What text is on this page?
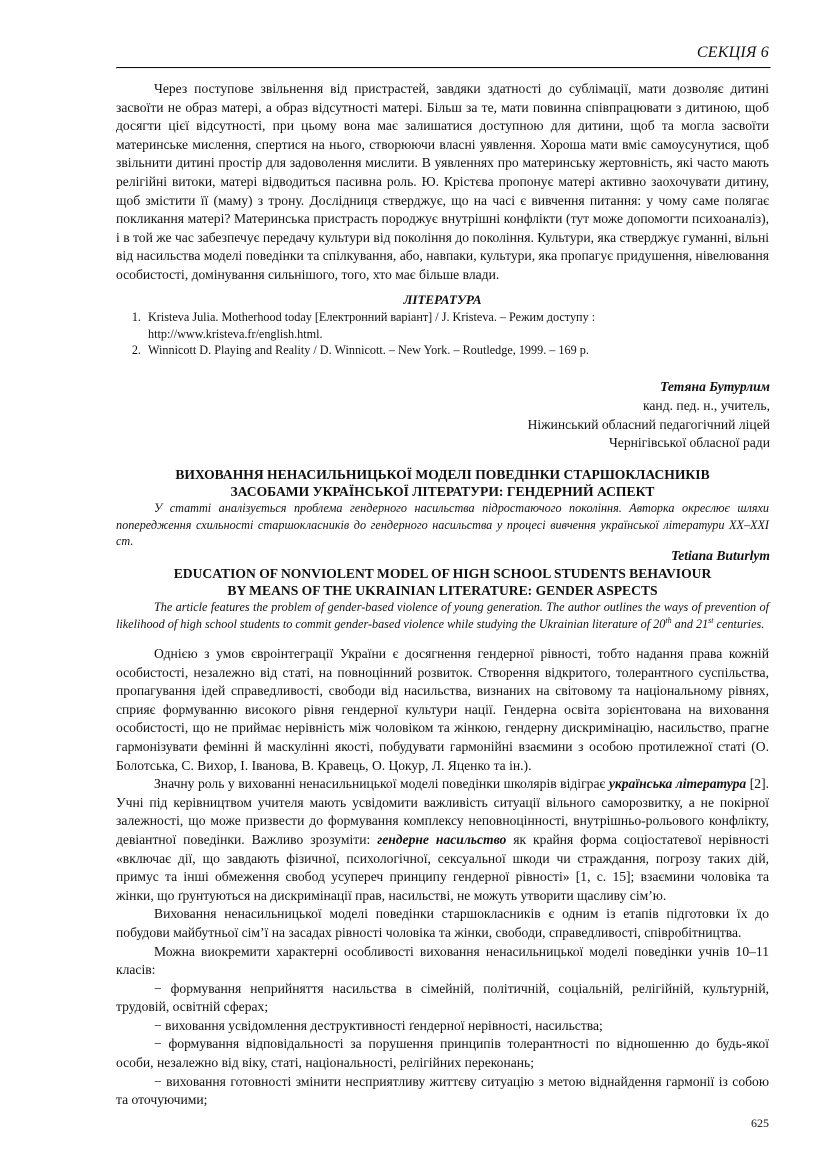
СЕКЦІЯ 6

Через поступове звільнення від пристрастей, завдяки здатності до сублімації, мати дозволяє дитині засвоїти не образ матері, а образ відсутності матері. Більш за те, мати повинна співпрацювати з дитиною, щоб досягти цієї відсутності, при цьому вона має залишатися доступною для дитини, щоб та могла засвоїти материнське мислення, спертися на нього, створюючи власні уявлення. Хороша мати вміє самоусунутися, щоб звільнити дитині простір для задоволення мислити. В уявленнях про материнську жертовність, які часто мають релігійні витоки, матері відводиться пасивна роль. Ю. Крістєва пропонує матері активно заохочувати дитину, щоб змістити її (маму) з трону. Дослідниця стверджує, що на часі є вивчення питання: у чому саме полягає покликання матері? Материнська пристрасть породжує внутрішні конфлікти (тут може допомогти психоаналіз), і в той же час забезпечує передачу культури від покоління до покоління. Культури, яка стверджує гуманні, вільні від насильства моделі поведінки та спілкування, або, навпаки, культури, яка пропагує придушення, нівелювання особистості, домінування сильнішого, того, хто має більше влади.

ЛІТЕРАТУРА
1. Kristeva Julia. Motherhood today [Електронний варіант] / J. Kristeva. – Режим доступу : http://www.kristeva.fr/english.html.
2. Winnicott D. Playing and Reality / D. Winnicott. – New York. – Routledge, 1999. – 169 p.
Тетяна Бутурлим
канд. пед. н., учитель,
Ніжинський обласний педагогічний ліцей
Чернігівської обласної ради
ВИХОВАННЯ НЕНАСИЛЬНИЦЬКОЇ МОДЕЛІ ПОВЕДІНКИ СТАРШОКЛАСНИКІВ
ЗАСОБАМИ УКРАЇНСЬКОЇ ЛІТЕРАТУРИ: ГЕНДЕРНИЙ АСПЕКТ

У статті аналізується проблема гендерного насильства підростаючого покоління. Авторка окреслює шляхи попередження схильності старшокласників до гендерного насильства у процесі вивчення української літератури ХХ–ХХІ ст.

Tetiana Buturlym
EDUCATION OF NONVIOLENT MODEL OF HIGH SCHOOL STUDENTS BEHAVIOUR
BY MEANS OF THE UKRAINIAN LITERATURE: GENDER ASPECTS

The article features the problem of gender-based violence of young generation. The author outlines the ways of prevention of likelihood of high school students to commit gender-based violence while studying the Ukrainian literature of 20th and 21st centuries.

Однією з умов євроінтеграції України є досягнення гендерної рівності, тобто надання права кожній особистості, незалежно від статі, на повноцінний розвиток. Створення відкритого, толерантного суспільства, пропагування ідей справедливості, свободи від насильства, визнаних на світовому та національному рівнях, сприяє формуванню високого рівня гендерної культури нації. Гендерна освіта зорієнтована на виховання особистості, що не приймає нерівність між чоловіком та жінкою, гендерну дискримінацію, насильство, прагне гармонізувати фемінні й маскулінні якості, побудувати гармонійні взаємини з особою протилежної статі (О. Болотська, С. Вихор, І. Іванова, В. Кравець, О. Цокур, Л. Яценко та ін.).

Значну роль у вихованні ненасильницької моделі поведінки школярів відіграє українська література [2]. Учні під керівництвом учителя мають усвідомити важливість ситуації вільного саморозвитку, а не покірної залежності, що може призвести до формування комплексу неповноцінності, внутрішньо-рольового конфлікту, девіантної поведінки. Важливо зрозуміти: гендерне насильство як крайня форма соціостатевої нерівності «включає дії, що завдають фізичної, психологічної, сексуальної шкоди чи страждання, погрозу таких дій, примус та інші обмеження свобод усупереч принципу гендерної рівності» [1, с. 15]; взаємини чоловіка та жінки, що ґрунтуються на дискримінації прав, насильстві, не можуть утворити щасливу сім’ю.

Виховання ненасильницької моделі поведінки старшокласників є одним із етапів підготовки їх до побудови майбутньої сім’ї на засадах рівності чоловіка та жінки, свободи, справедливості, співробітництва.

Можна виокремити характерні особливості виховання ненасильницької моделі поведінки учнів 10–11 класів:

− формування неприйняття насильства в сімейній, політичній, соціальній, релігійній, культурній, трудовій, освітній сферах;

− виховання усвідомлення деструктивності ґендерної нерівності, насильства;

− формування відповідальності за порушення принципів толерантності по відношенню до будь-якої особи, незалежно від віку, статі, національності, релігійних переконань;

− виховання готовності змінити несприятливу життєву ситуацію з метою віднайдення гармонії із собою та оточуючими;

625
